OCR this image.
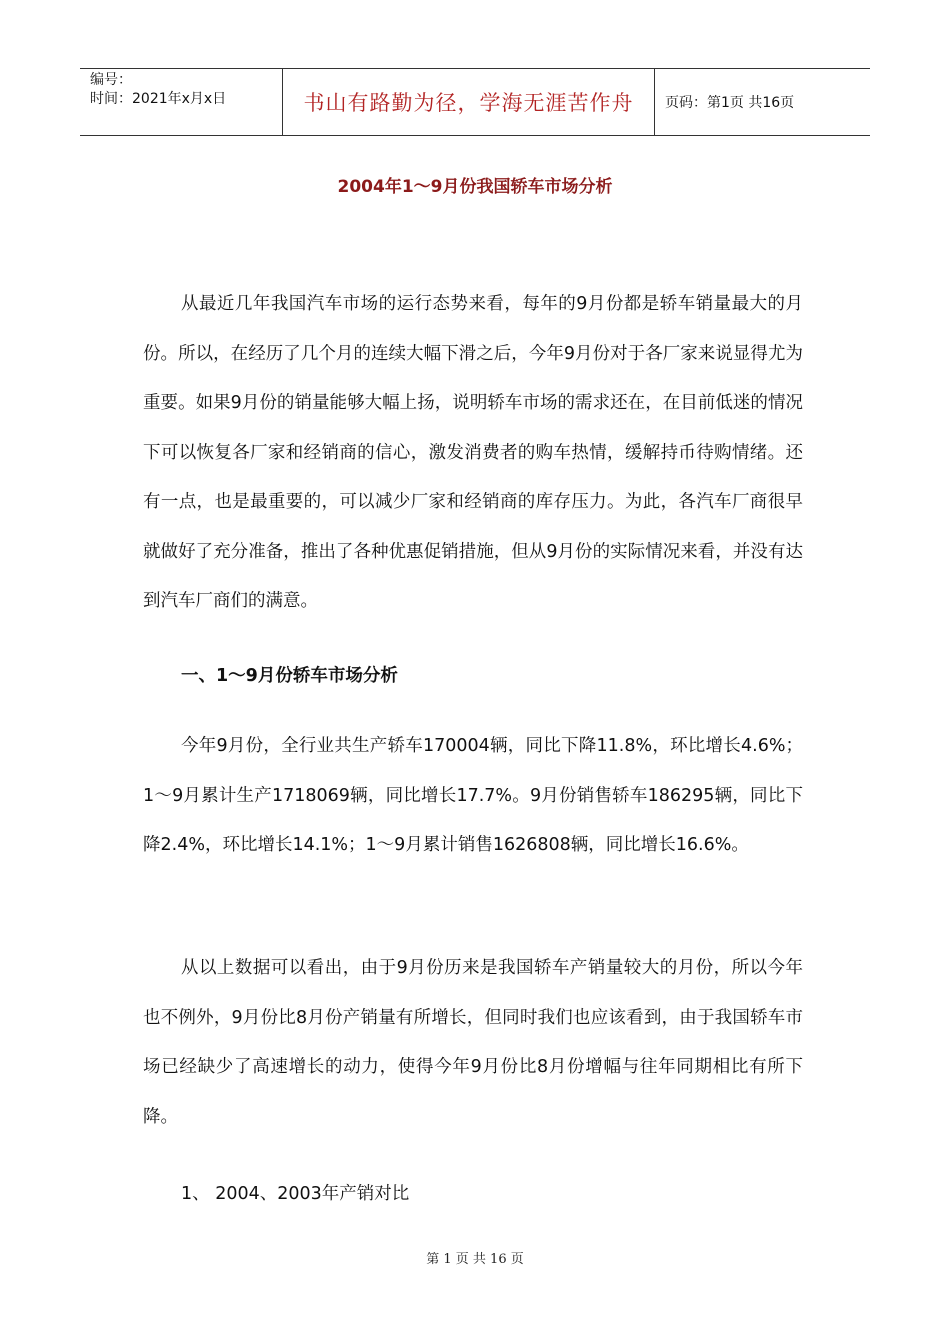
编号：
时间：2021年x月x日	书山有路勤为径，学海无涯苦作舟 页码：第1页 共16页
2004年1～9月份我国轿车市场分析

从最近几年我国汽车市场的运行态势来看，每年的9月份都是轿车销量最大的月份。所以，在经历了几个月的连续大幅下滑之后，今年9月份对于各厂家来说显得尤为重要。如果9月份的销量能够大幅上扬，说明轿车市场的需求还在，在目前低迷的情况下可以恢复各厂家和经销商的信心，激发消费者的购车热情，缓解持币待购情绪。还有一点，也是最重要的，可以减少厂家和经销商的库存压力。为此，各汽车厂商很早就做好了充分准备，推出了各种优惠促销措施，但从9月份的实际情况来看，并没有达到汽车厂商们的满意。

一、1～9月份轿车市场分析

今年9月份，全行业共生产轿车170004辆，同比下降11.8%，环比增长4.6%；1～9月累计生产1718069辆，同比增长17.7%。9月份销售轿车186295辆，同比下降2.4%，环比增长14.1%；1～9月累计销售1626808辆，同比增长16.6%。

从以上数据可以看出，由于9月份历来是我国轿车产销量较大的月份，所以今年也不例外，9月份比8月份产销量有所增长，但同时我们也应该看到，由于我国轿车市场已经缺少了高速增长的动力，使得今年9月份比8月份增幅与往年同期相比有所下降。

1、 2004、2003年产销对比

第 1 页 共 16 页
